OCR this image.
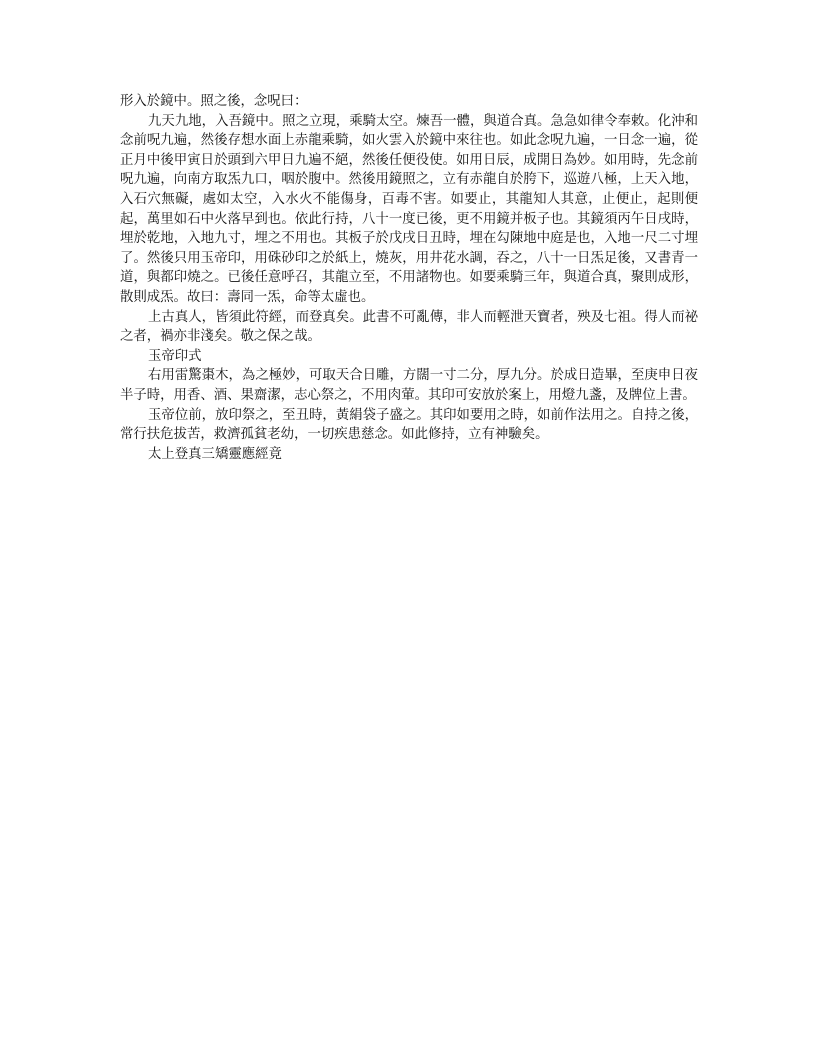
形入於鏡中。照之後，念呪曰：

九天九地，入吾鏡中。照之立現，乘騎太空。煉吾一體，與道合真。急急如律令奉敕。化沖和念前呪九遍，然後存想水面上赤龍乘騎，如火雲入於鏡中來往也。如此念呪九遍，一日念一遍，從正月中後甲寅日於頭到六甲日九遍不絕，然後任便役使。如用日辰，成開日為妙。如用時，先念前呪九遍，向南方取炁九口，咽於腹中。然後用鏡照之，立有赤龍自於胯下，巡遊八極，上天入地，入石穴無礙，處如太空，入水火不能傷身，百毒不害。如要止，其龍知人其意，止便止，起則便起，萬里如石中火落早到也。依此行持，八十一度已後，更不用鏡并板子也。其鏡須丙午日戌時，埋於乾地，入地九寸，埋之不用也。其板子於戊戌日丑時，埋在勾陳地中庭是也，入地一尺二寸埋了。然後只用玉帝印，用硃砂印之於紙上，燒灰，用井花水調，吞之，八十一日炁足後，又書青一道，與都印燒之。已後任意呼召，其龍立至，不用諸物也。如要乘騎三年，與道合真，聚則成形，散則成炁。故曰：壽同一炁，命等太虛也。

上古真人，皆須此符經，而登真矣。此書不可亂傳，非人而輕泄天寶者，殃及七祖。得人而祕之者，禍亦非淺矣。敬之保之哉。

玉帝印式

右用雷驚棗木，為之極妙，可取天合日雕，方闊一寸二分，厚九分。於成日造畢，至庚申日夜半子時，用香、酒、果齋潔，志心祭之，不用肉葷。其印可安放於案上，用燈九盞，及牌位上書。

玉帝位前，放印祭之，至丑時，黃絹袋子盛之。其印如要用之時，如前作法用之。自持之後，常行扶危拔苦，救濟孤貧老幼，一切疾患慈念。如此修持，立有神驗矣。

太上登真三矯靈應經竟
